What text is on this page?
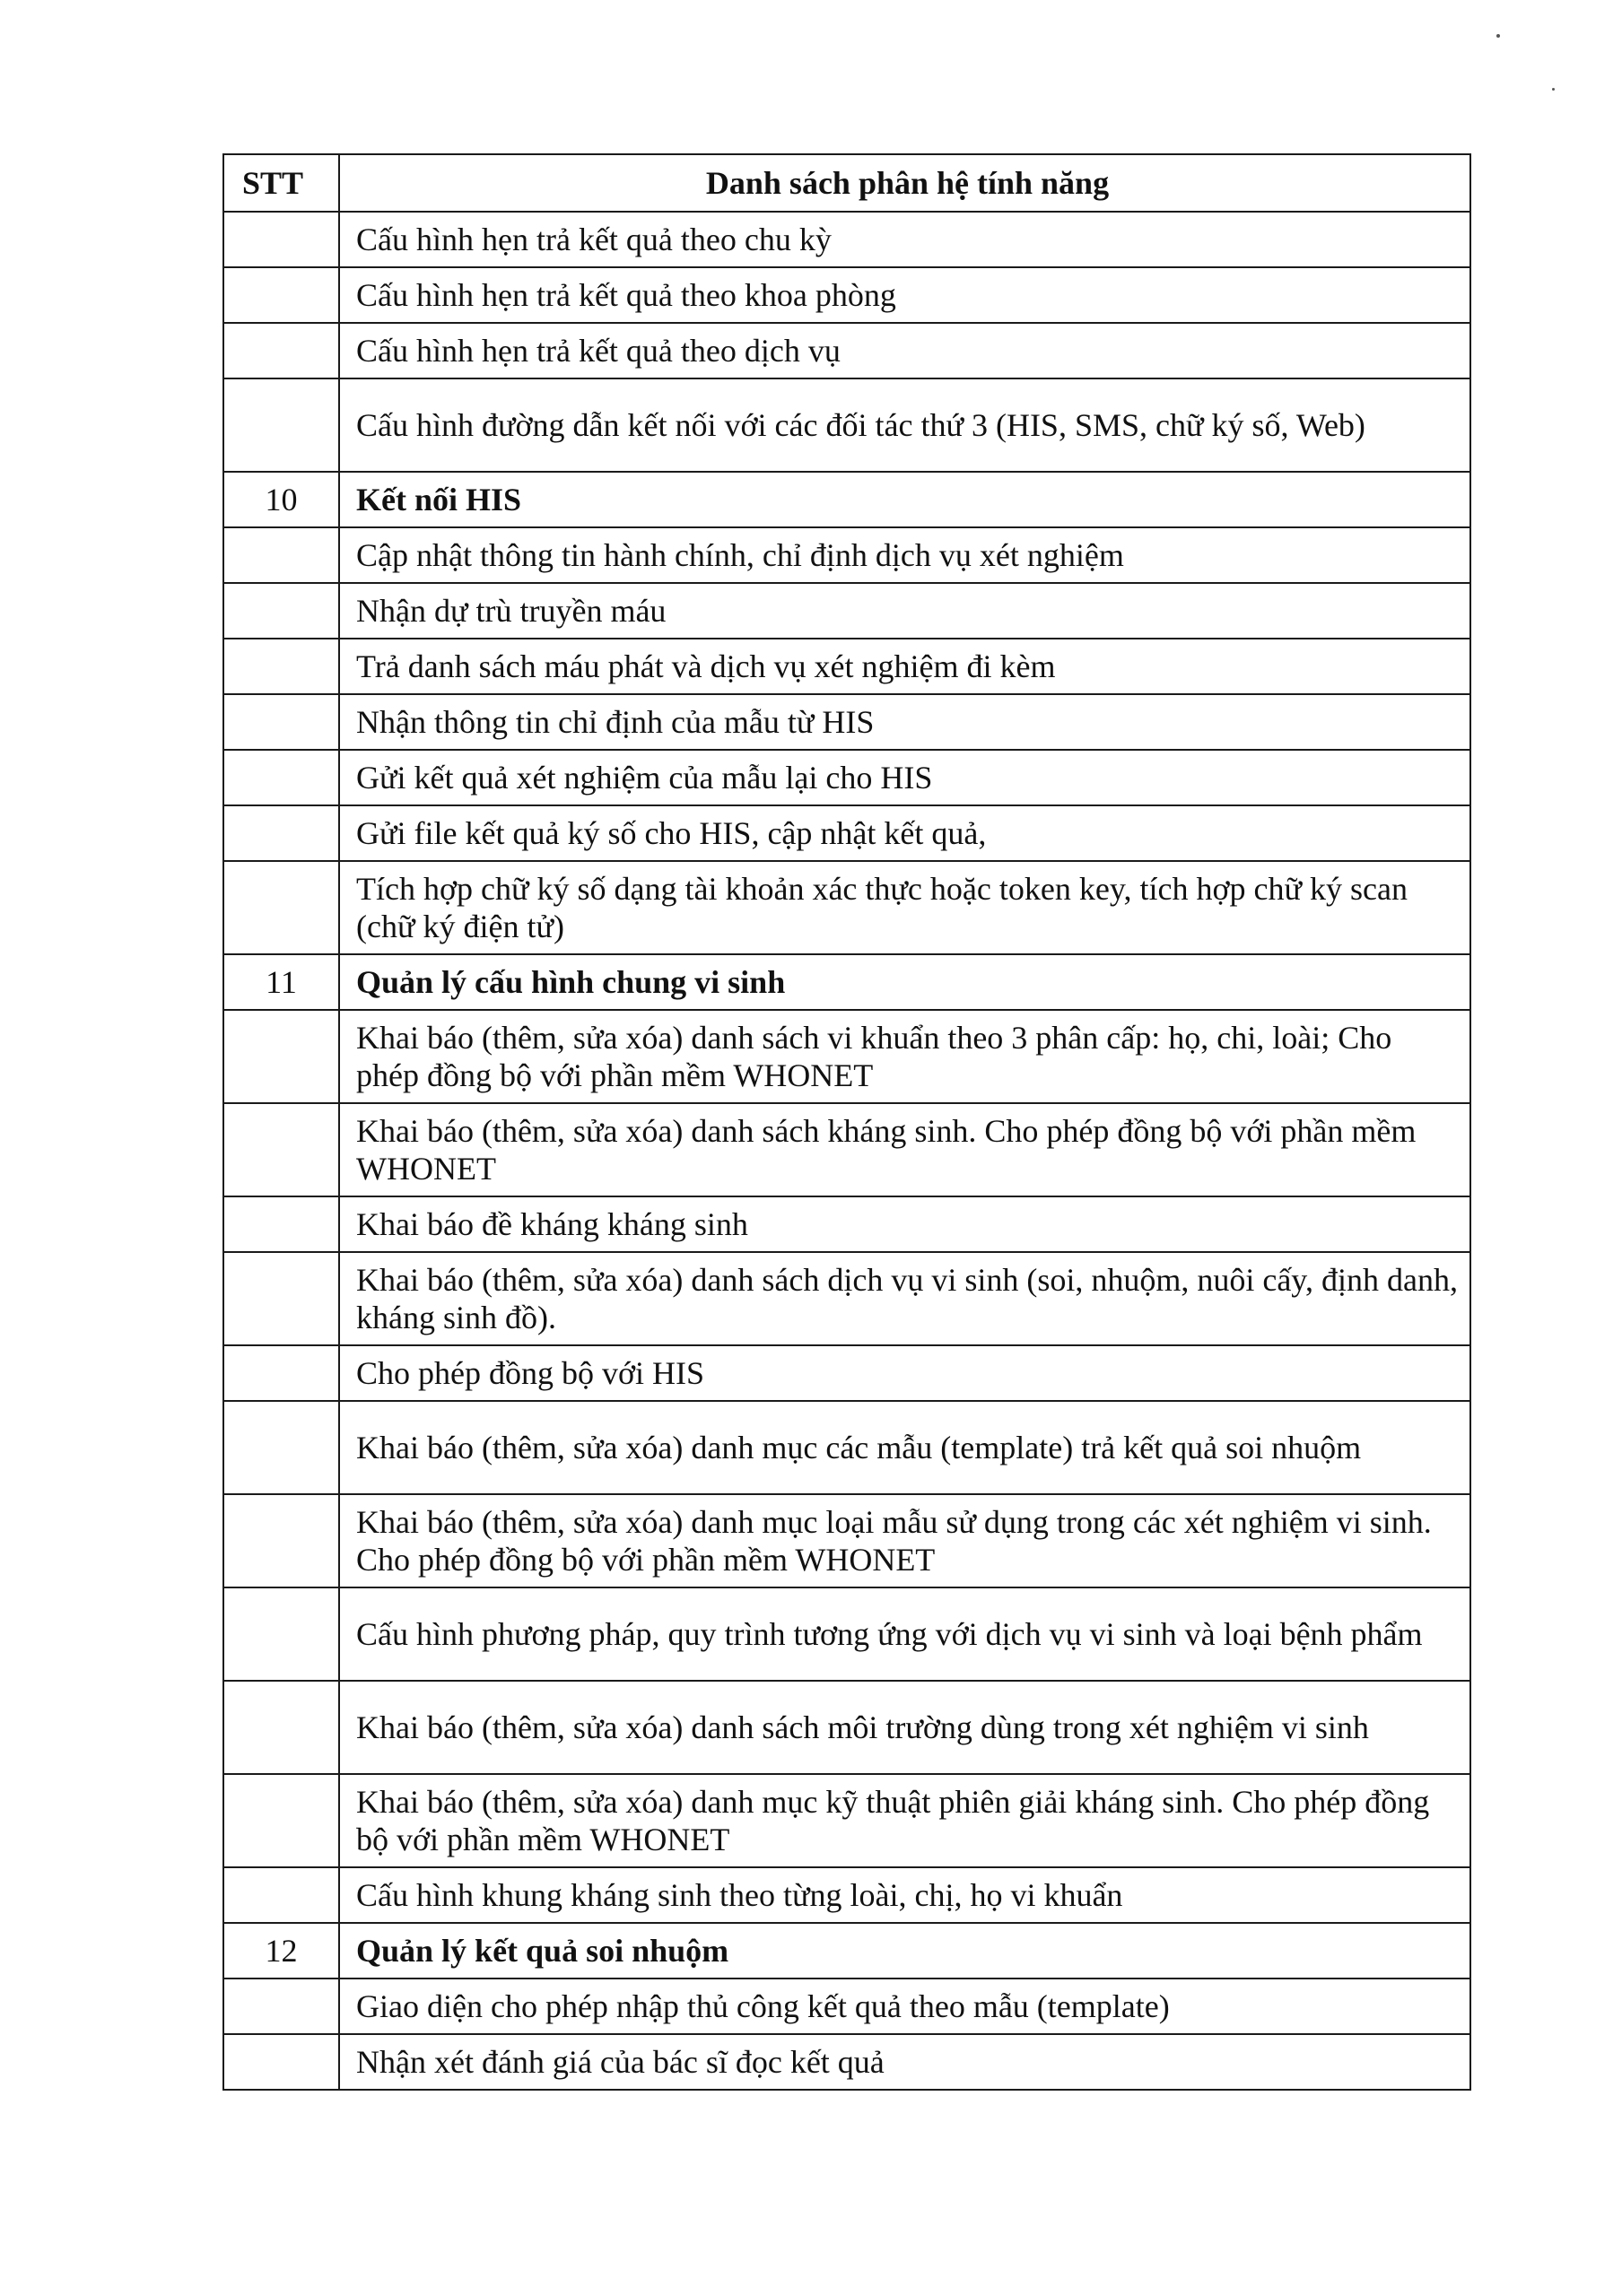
STT	Danh sách phân hệ tính năng
	Cấu hình hẹn trả kết quả theo chu kỳ
	Cấu hình hẹn trả kết quả theo khoa phòng
	Cấu hình hẹn trả kết quả theo dịch vụ
	Cấu hình đường dẫn kết nối với các đối tác thứ 3 (HIS, SMS, chữ ký số, Web)
10	Kết nối HIS
	Cập nhật thông tin hành chính, chỉ định dịch vụ xét nghiệm
	Nhận dự trù truyền máu
	Trả danh sách máu phát và dịch vụ xét nghiệm đi kèm
	Nhận thông tin chỉ định của mẫu từ HIS
	Gửi kết quả xét nghiệm của mẫu lại cho HIS
	Gửi file kết quả ký số cho HIS, cập nhật kết quả,
	Tích hợp chữ ký số dạng tài khoản xác thực hoặc token key, tích hợp chữ ký scan (chữ ký điện tử)
11	Quản lý cấu hình chung vi sinh
	Khai báo (thêm, sửa xóa) danh sách vi khuẩn theo 3 phân cấp: họ, chi, loài; Cho phép đồng bộ với phần mềm WHONET
	Khai báo (thêm, sửa xóa) danh sách kháng sinh. Cho phép đồng bộ với phần mềm WHONET
	Khai báo đề kháng kháng sinh
	Khai báo (thêm, sửa xóa) danh sách dịch vụ vi sinh (soi, nhuộm, nuôi cấy, định danh, kháng sinh đồ).
	Cho phép đồng bộ với HIS
	Khai báo (thêm, sửa xóa) danh mục các mẫu (template) trả kết quả soi nhuộm
	Khai báo (thêm, sửa xóa) danh mục loại mẫu sử dụng trong các xét nghiệm vi sinh. Cho phép đồng bộ với phần mềm WHONET
	Cấu hình phương pháp, quy trình tương ứng với dịch vụ vi sinh và loại bệnh phẩm
	Khai báo (thêm, sửa xóa) danh sách môi trường dùng trong xét nghiệm vi sinh
	Khai báo (thêm, sửa xóa) danh mục kỹ thuật phiên giải kháng sinh. Cho phép đồng bộ với phần mềm WHONET
	Cấu hình khung kháng sinh theo từng loài, chị, họ vi khuẩn
12	Quản lý kết quả soi nhuộm
	Giao diện cho phép nhập thủ công kết quả theo mẫu (template)
	Nhận xét đánh giá của bác sĩ đọc kết quả
